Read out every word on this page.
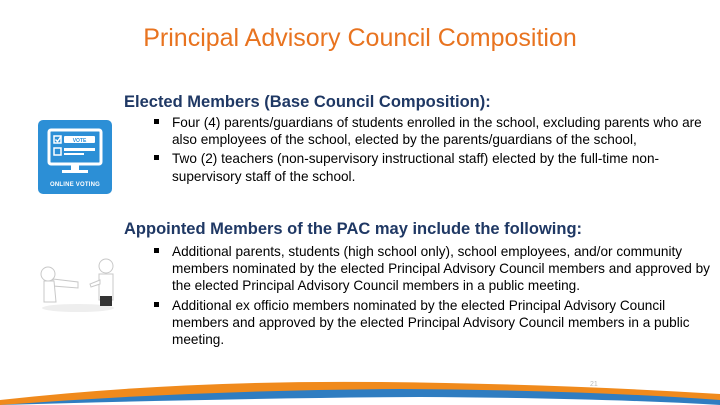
Principal Advisory Council Composition
VOTE
ONLINE VOTING
Elected Members (Base Council Composition):
Four (4) parents/guardians of students enrolled in the school, excluding parents who are also employees of the school, elected by the parents/guardians of the school,
Two (2) teachers (non-supervisory instructional staff) elected by the full-time non-supervisory staff of the school.
Appointed Members of the PAC may include the following:
Additional parents, students (high school only), school employees, and/or community members nominated by the elected Principal Advisory Council members and approved by the elected Principal Advisory Council members in a public meeting.
Additional ex officio members nominated by the elected Principal Advisory Council members and approved by the elected Principal Advisory Council members in a public meeting.
21
